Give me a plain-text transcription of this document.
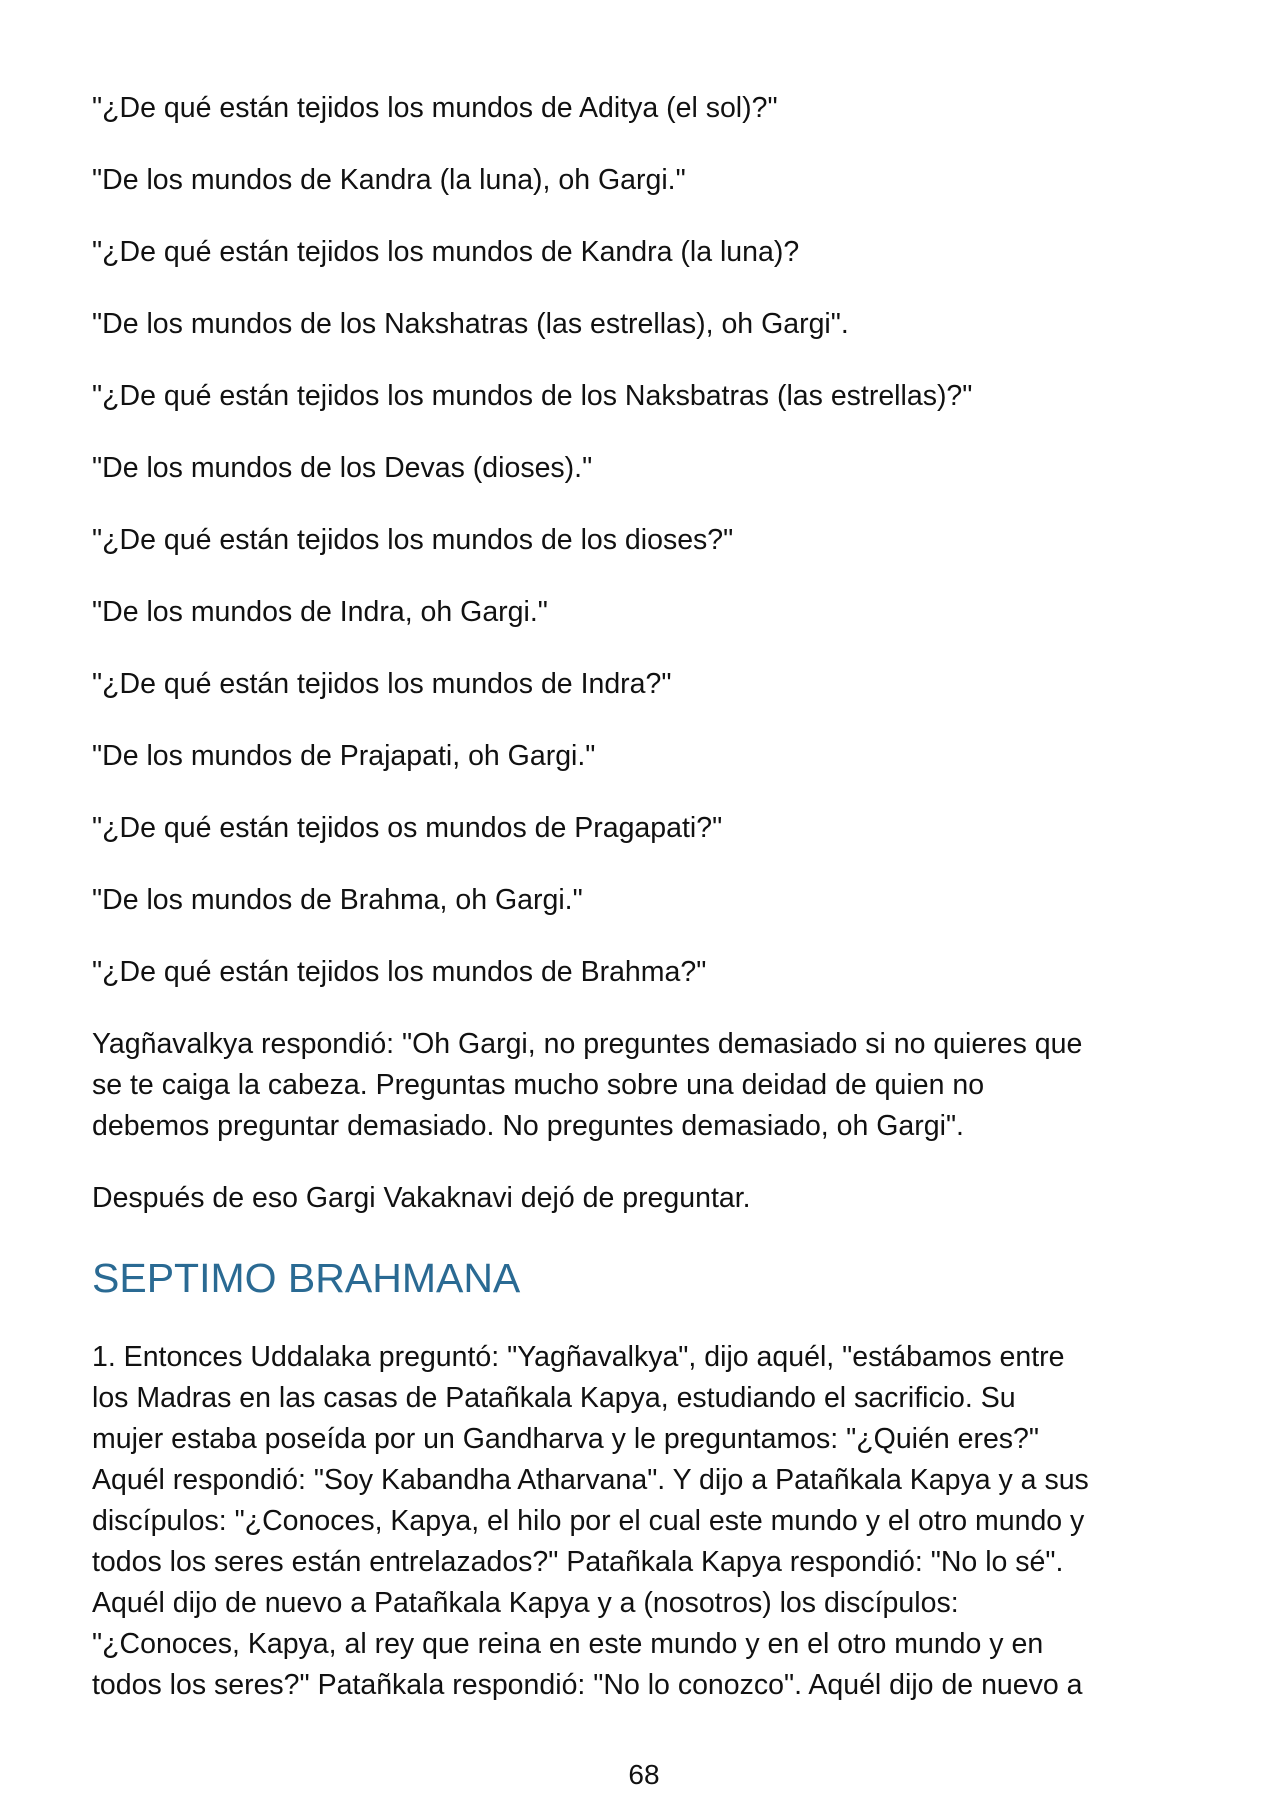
"¿De qué están tejidos los mundos de Aditya (el sol)?"

"De los mundos de Kandra (la luna), oh Gargi."

"¿De qué están tejidos los mundos de Kandra (la luna)?

"De los mundos de los Nakshatras (las estrellas), oh Gargi".

"¿De qué están tejidos los mundos de los Naksbatras (las estrellas)?"

"De los mundos de los Devas (dioses)."

"¿De qué están tejidos los mundos de los dioses?"

"De los mundos de Indra, oh Gargi."

"¿De qué están tejidos los mundos de Indra?"

"De los mundos de Prajapati, oh Gargi."

"¿De qué están tejidos os mundos de Pragapati?"

"De los mundos de Brahma, oh Gargi."

"¿De qué están tejidos los mundos de Brahma?"

Yagñavalkya respondió: "Oh Gargi, no preguntes demasiado si no quieres que
se te caiga la cabeza. Preguntas mucho sobre una deidad de quien no
debemos preguntar demasiado. No preguntes demasiado, oh Gargi".

Después de eso Gargi Vakaknavi dejó de preguntar.

SEPTIMO BRAHMANA

1. Entonces Uddalaka preguntó: "Yagñavalkya", dijo aquél, "estábamos entre
los Madras en las casas de Patañkala Kapya, estudiando el sacrificio. Su
mujer estaba poseída por un Gandharva y le preguntamos: "¿Quién eres?"
Aquél respondió: "Soy Kabandha Atharvana". Y dijo a Patañkala Kapya y a sus
discípulos: "¿Conoces, Kapya, el hilo por el cual este mundo y el otro mundo y
todos los seres están entrelazados?" Patañkala Kapya respondió: "No lo sé".
Aquél dijo de nuevo a Patañkala Kapya y a (nosotros) los discípulos:
"¿Conoces, Kapya, al rey que reina en este mundo y en el otro mundo y en
todos los seres?" Patañkala respondió: "No lo conozco". Aquél dijo de nuevo a

68
